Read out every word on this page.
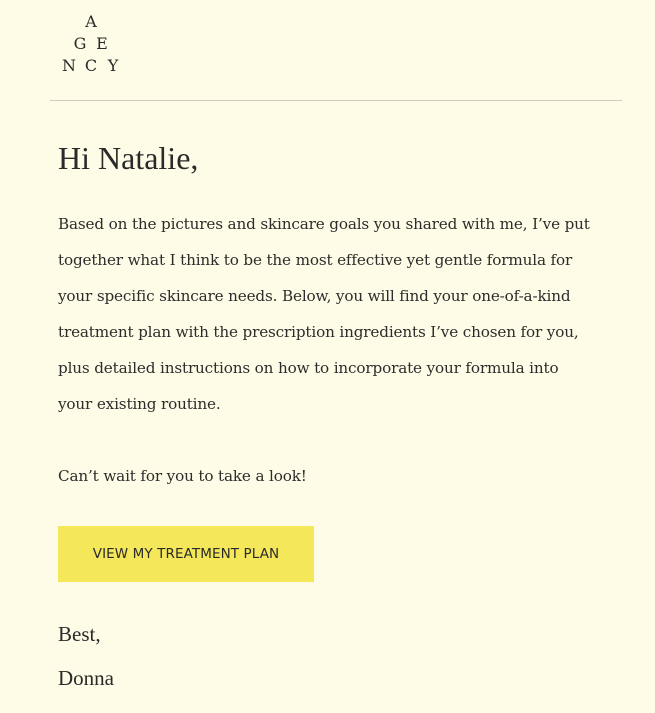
A
G E
N C Y
Hi Natalie,

Based on the pictures and skincare goals you shared with me, I’ve put
together what I think to be the most effective yet gentle formula for
your specific skincare needs. Below, you will find your one-of-a-kind
treatment plan with the prescription ingredients I’ve chosen for you,
plus detailed instructions on how to incorporate your formula into
your existing routine.

Can’t wait for you to take a look!

VIEW MY TREATMENT PLAN

Best,

Donna
